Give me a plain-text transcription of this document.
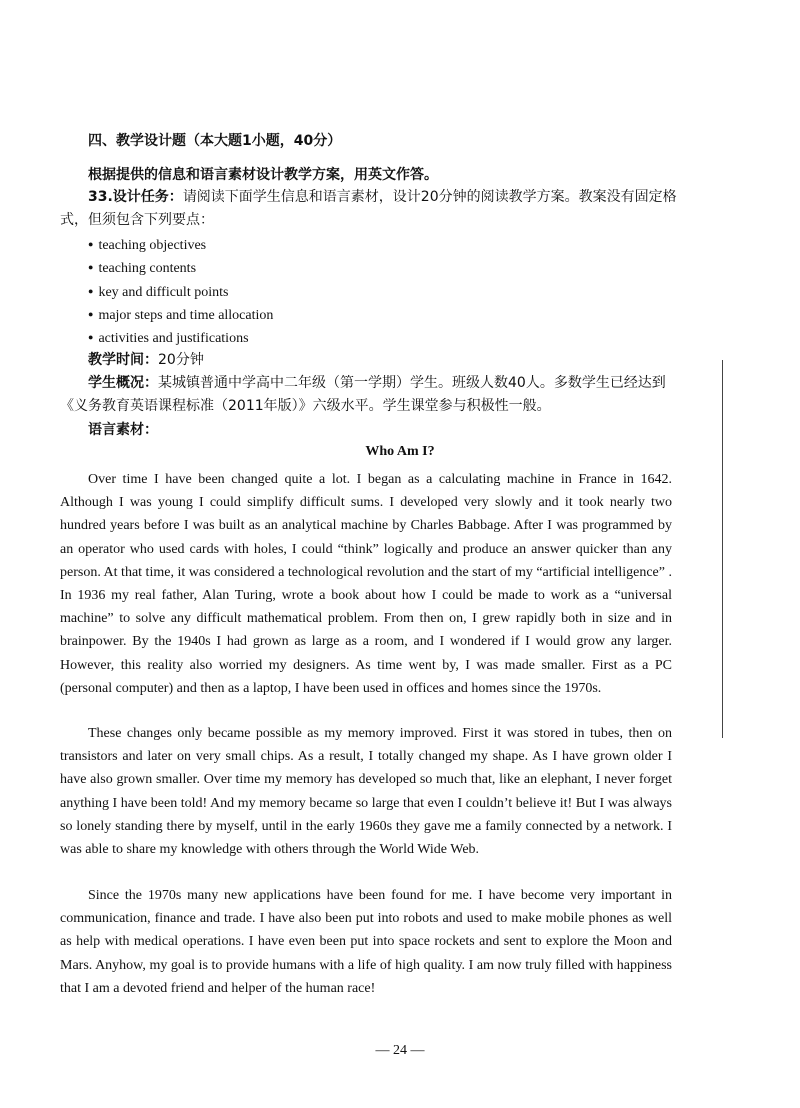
四、教学设计题（本大题1小题，40分）
根据提供的信息和语言素材设计教学方案，用英文作答。

33.设计任务：请阅读下面学生信息和语言素材，设计20分钟的阅读教学方案。教案没有固定格式，但须包含下列要点：

● teaching objectives
● teaching contents
● key and difficult points
● major steps and time allocation
● activities and justifications

教学时间：20分钟

学生概况：某城镇普通中学高中二年级（第一学期）学生。班级人数40人。多数学生已经达到《义务教育英语课程标准（2011年版）》六级水平。学生课堂参与积极性一般。

语言素材：

Who Am I?

Over time I have been changed quite a lot. I began as a calculating machine in France in 1642. Although I was young I could simplify difficult sums. I developed very slowly and it took nearly two hundred years before I was built as an analytical machine by Charles Babbage. After I was programmed by an operator who used cards with holes, I could “think” logically and produce an answer quicker than any person. At that time, it was considered a technological revolution and the start of my “artificial intelligence” . In 1936 my real father, Alan Turing, wrote a book about how I could be made to work as a “universal machine” to solve any difficult mathematical problem. From then on, I grew rapidly both in size and in brainpower. By the 1940s I had grown as large as a room, and I wondered if I would grow any larger. However, this reality also worried my designers. As time went by, I was made smaller. First as a PC (personal computer) and then as a laptop, I have been used in offices and homes since the 1970s.

These changes only became possible as my memory improved. First it was stored in tubes, then on transistors and later on very small chips. As a result, I totally changed my shape. As I have grown older I have also grown smaller. Over time my memory has developed so much that, like an elephant, I never forget anything I have been told! And my memory became so large that even I couldn’t believe it! But I was always so lonely standing there by myself, until in the early 1960s they gave me a family connected by a network. I was able to share my knowledge with others through the World Wide Web.

Since the 1970s many new applications have been found for me. I have become very important in communication, finance and trade. I have also been put into robots and used to make mobile phones as well as help with medical operations. I have even been put into space rockets and sent to explore the Moon and Mars. Anyhow, my goal is to provide humans with a life of high quality. I am now truly filled with happiness that I am a devoted friend and helper of the human race!

— 24 —
